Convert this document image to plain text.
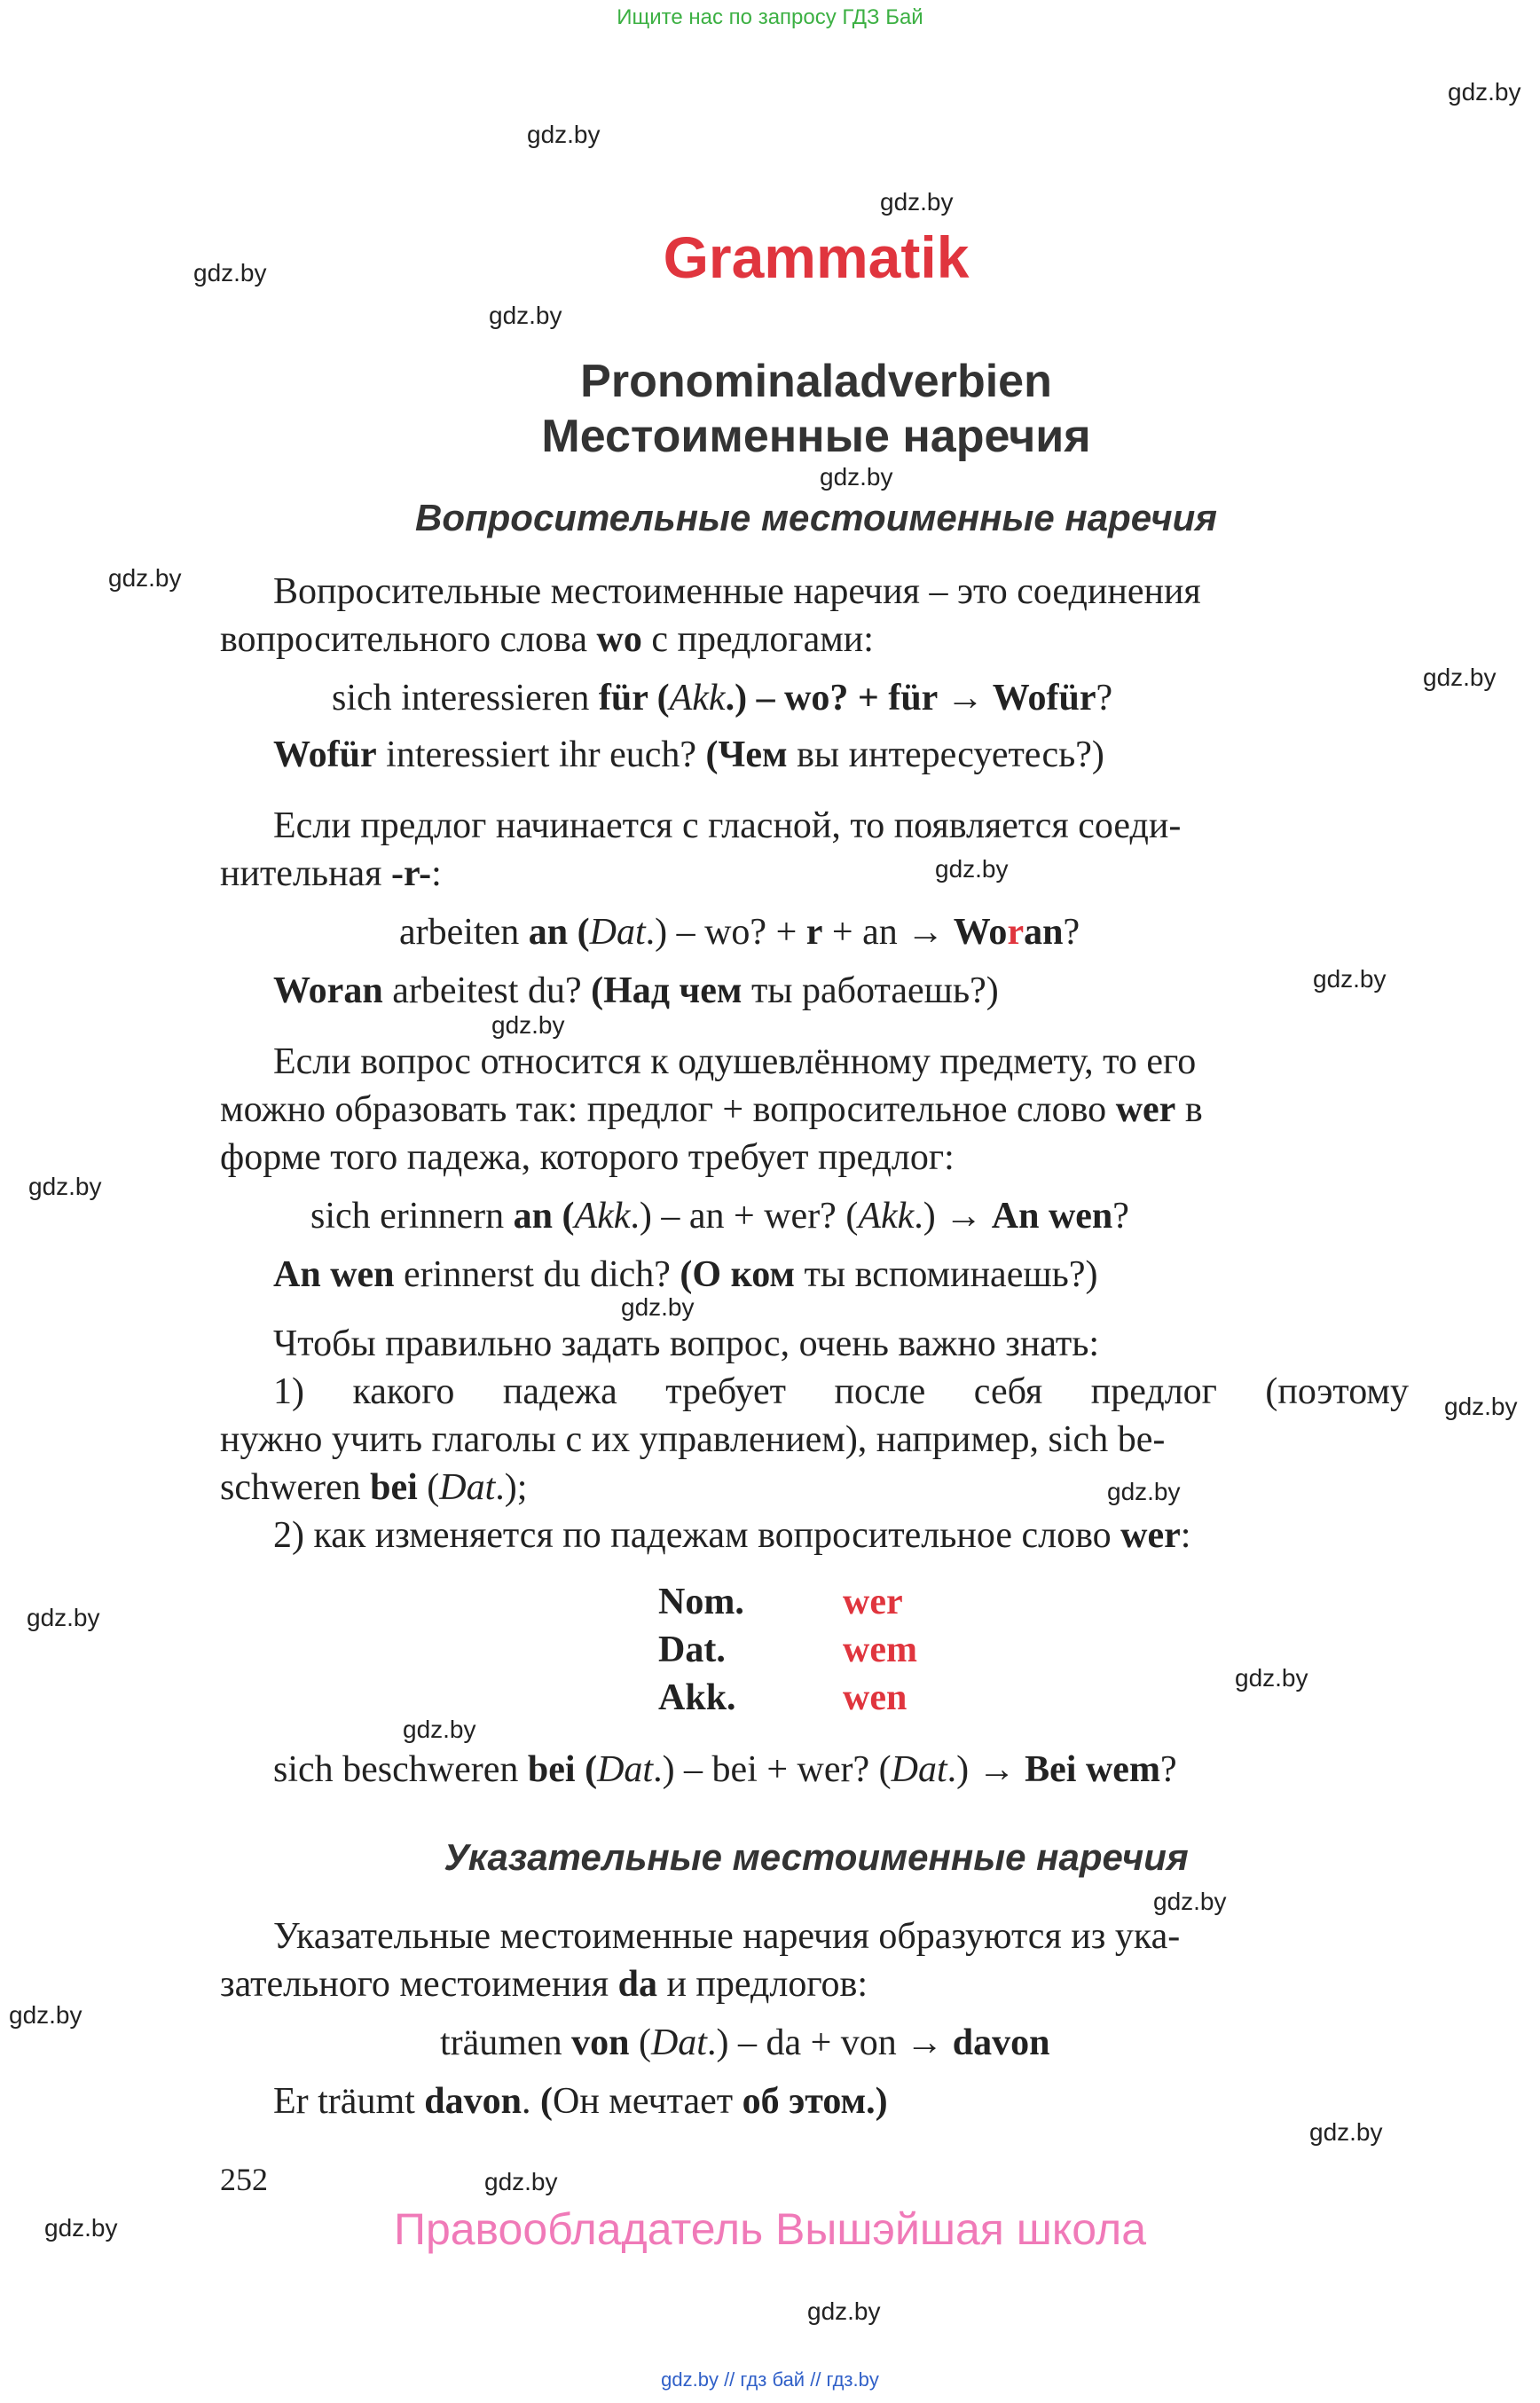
Ищите нас по запросу ГДЗ Бай
gdz.by
gdz.by
gdz.by
gdz.by
gdz.by
gdz.by
gdz.by
gdz.by
gdz.by
gdz.by
gdz.by
gdz.by
gdz.by
gdz.by
gdz.by
gdz.by
gdz.by
gdz.by
gdz.by
gdz.by
gdz.by
gdz.by
gdz.by
gdz.by
Grammatik
Pronominaladverbien
Местоименные наречия
Вопросительные местоименные наречия
Вопросительные местоименные наречия – это соединения
вопросительного слова wo с предлогами:
sich interessieren für (Akk.) – wo? + für → Wofür?
Wofür interessiert ihr euch? (Чем вы интересуетесь?)
Если предлог начинается с гласной, то появляется соеди-
нительная -r-:
arbeiten an (Dat.) – wo? + r + an → Woran?
Woran arbeitest du? (Над чем ты работаешь?)
Если вопрос относится к одушевлённому предмету, то его
можно образовать так: предлог + вопросительное слово wer в
форме того падежа, которого требует предлог:
sich erinnern an (Akk.) – an + wer? (Akk.) → An wen?
An wen erinnerst du dich? (О ком ты вспоминаешь?)
Чтобы правильно задать вопрос, очень важно знать:
1) какого падежа требует после себя предлог (поэтому
нужно учить глаголы с их управлением), например, sich be-
schweren bei (Dat.);
2) как изменяется по падежам вопросительное слово wer:
Nom.	wer
Dat.	wem
Akk.	wen
sich beschweren bei (Dat.) – bei + wer? (Dat.) → Bei wem?
Указательные местоименные наречия
Указательные местоименные наречия образуются из ука-
зательного местоимения da и предлогов:
träumen von (Dat.) – da + von → davon
Er träumt davon. (Он мечтает об этом.)
252
Правообладатель Вышэйшая школа
gdz.by // гдз бай // гдз.by
